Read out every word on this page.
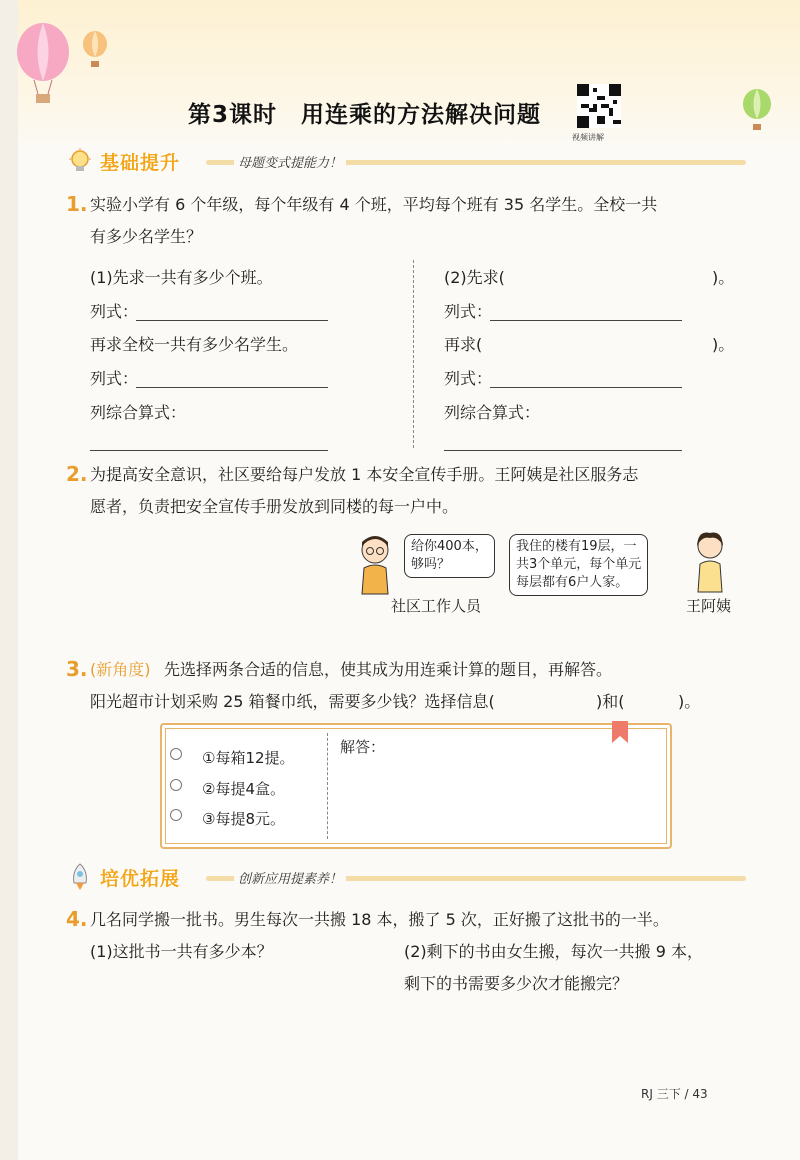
第3课时　用连乘的方法解决问题
视频讲解
基础提升	母题变式提能力！
1. 实验小学有 6 个年级，每个年级有 4 个班，平均每个班有 35 名学生。全校一共
有多少名学生？
(1)先求一共有多少个班。
列式：
再求全校一共有多少名学生。
列式：
列综合算式：
(2)先求(	)。
列式：
再求(	)。
列式：
列综合算式：
2. 为提高安全意识，社区要给每户发放 1 本安全宣传手册。王阿姨是社区服务志
愿者，负责把安全宣传手册发放到同楼的每一户中。
给你400本，
够吗？
我住的楼有19层，一
共3个单元，每个单元
每层都有6户人家。
社区工作人员	王阿姨
3. (新角度) 先选择两条合适的信息，使其成为用连乘计算的题目，再解答。
阳光超市计划采购 25 箱餐巾纸，需要多少钱？选择信息(	)和(	)。
①每箱12提。
②每提4盒。
③每提8元。
解答：
培优拓展	创新应用提素养！
4. 几名同学搬一批书。男生每次一共搬 18 本，搬了 5 次，正好搬了这批书的一半。
(1)这批书一共有多少本？	(2)剩下的书由女生搬，每次一共搬 9 本，
剩下的书需要多少次才能搬完？
RJ 三下 / 43
